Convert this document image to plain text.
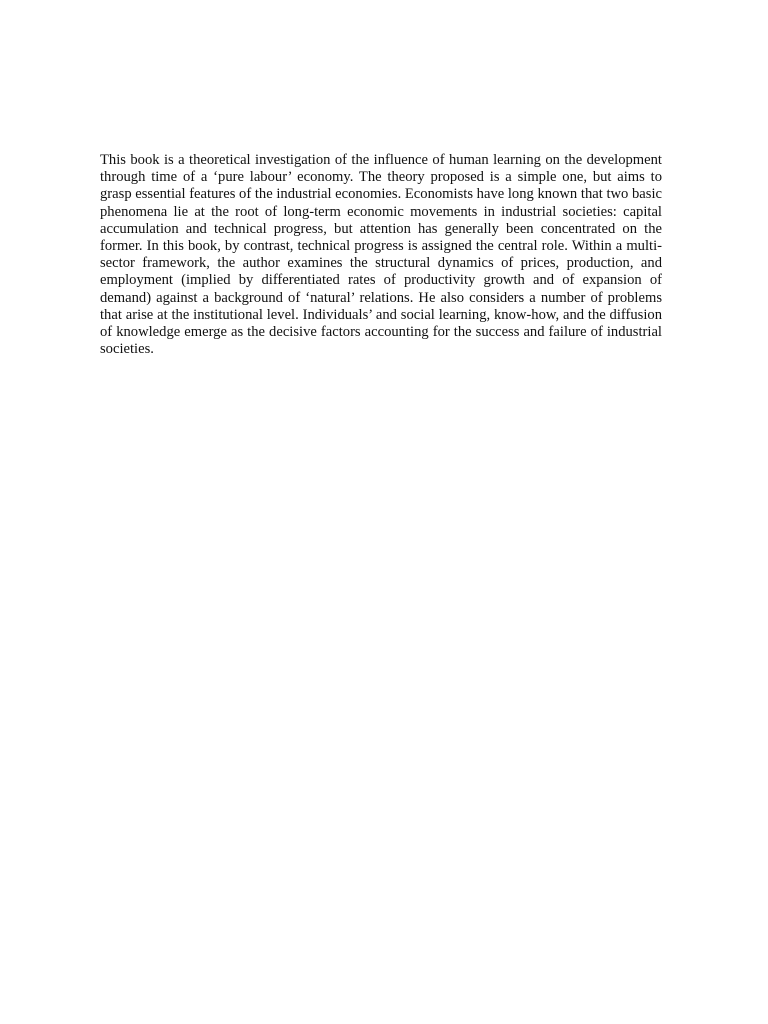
This book is a theoretical investigation of the influence of human learning on the development through time of a ‘pure labour’ economy. The theory proposed is a simple one, but aims to grasp essential features of the industrial economies. Economists have long known that two basic phenomena lie at the root of long-term economic movements in industrial societies: capital accumulation and technical progress, but attention has generally been concentrated on the former. In this book, by contrast, technical progress is assigned the central role. Within a multi-sector framework, the author examines the structural dynamics of prices, production, and employment (implied by differentiated rates of productivity growth and of expansion of demand) against a background of ‘natural’ relations. He also considers a number of problems that arise at the institutional level. Individuals’ and social learning, know-how, and the diffusion of knowledge emerge as the decisive factors accounting for the success and failure of industrial societies.
